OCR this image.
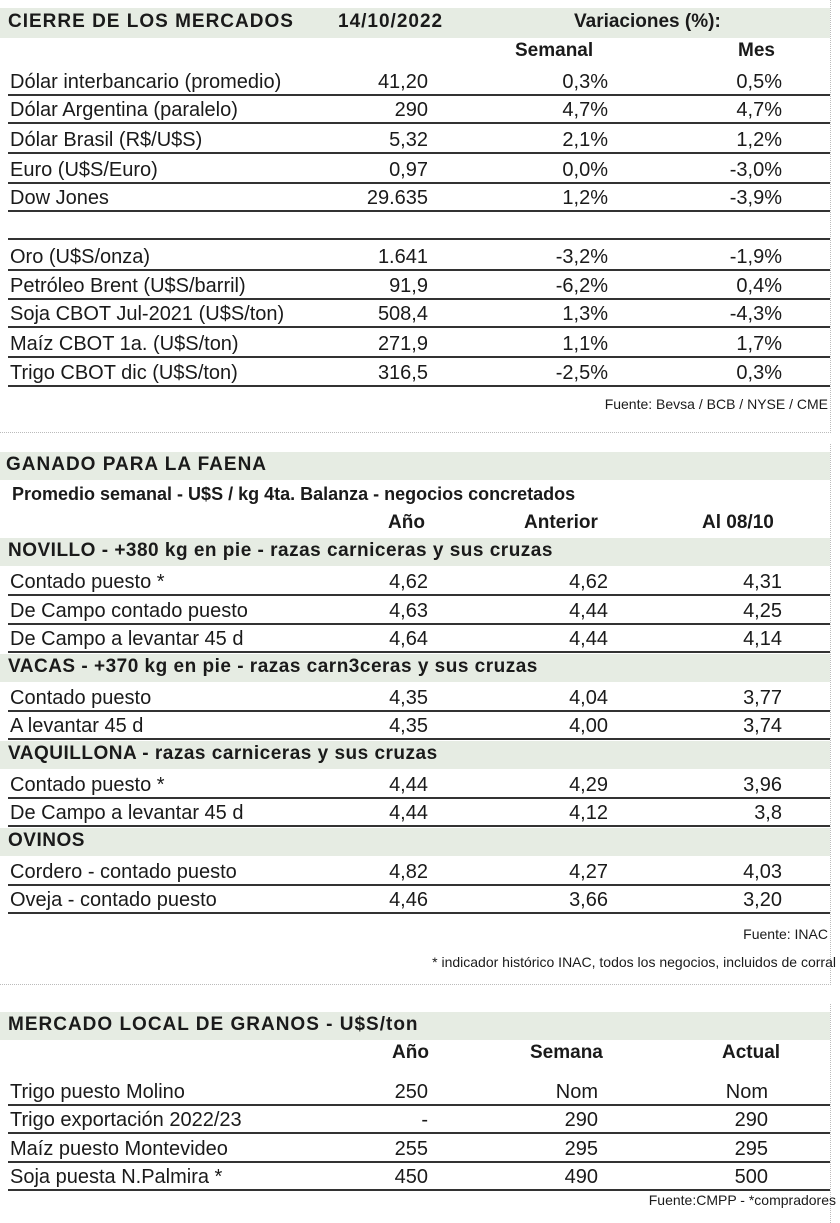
CIERRE DE LOS MERCADOS 14/10/2022	Variaciones (%):
Semanal	Mes
Dólar interbancario (promedio)	41,20	0,3%	0,5%
Dólar Argentina (paralelo)	290	4,7%	4,7%
Dólar Brasil (R$/U$S)	5,32	2,1%	1,2%
Euro (U$S/Euro)	0,97	0,0%	-3,0%
Dow Jones	29.635	1,2%	-3,9%
Oro (U$S/onza)	1.641	-3,2%	-1,9%
Petróleo Brent (U$S/barril)	91,9	-6,2%	0,4%
Soja CBOT Jul-2021 (U$S/ton)	508,4	1,3%	-4,3%
Maíz CBOT 1a. (U$S/ton)	271,9	1,1%	1,7%
Trigo CBOT dic (U$S/ton)	316,5	-2,5%	0,3%
Fuente: Bevsa / BCB / NYSE / CME
GANADO PARA LA FAENA
Promedio semanal - U$S / kg 4ta. Balanza - negocios concretados
Año	Anterior	Al 08/10
NOVILLO - +380 kg en pie - razas carniceras y sus cruzas
Contado puesto *	4,62	4,62	4,31
De Campo contado puesto	4,63	4,44	4,25
De Campo a levantar 45 d	4,64	4,44	4,14
VACAS - +370 kg en pie - razas carn3ceras y sus cruzas
Contado puesto	4,35	4,04	3,77
A levantar 45 d	4,35	4,00	3,74
VAQUILLONA - razas carniceras y sus cruzas
Contado puesto *	4,44	4,29	3,96
De Campo a levantar 45 d	4,44	4,12	3,8
OVINOS
Cordero - contado puesto	4,82	4,27	4,03
Oveja - contado puesto	4,46	3,66	3,20
Fuente: INAC
* indicador histórico INAC, todos los negocios, incluidos de corral
MERCADO LOCAL DE GRANOS - U$S/ton
Año	Semana	Actual
Trigo puesto Molino	250	Nom	Nom
Trigo exportación 2022/23	-	290	290
Maíz puesto Montevideo	255	295	295
Soja puesta N.Palmira *	450	490	500
Fuente:CMPP - *compradores
